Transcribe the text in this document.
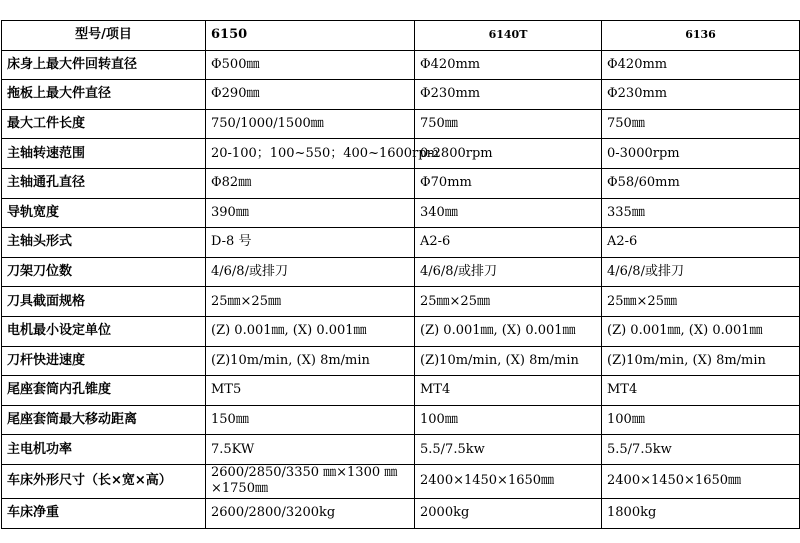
型号/项目	6150	6140T	6136
床身上最大件回转直径	Φ500㎜	Φ420mm	Φ420mm
拖板上最大件直径	Φ290㎜	Φ230mm	Φ230mm
最大工件长度	750/1000/1500㎜	750㎜	750㎜
主轴转速范围	20-100；100~550；400~1600rpm	0-2800rpm	0-3000rpm
主轴通孔直径	Φ82㎜	Φ70mm	Φ58/60mm
导轨宽度	390㎜	340㎜	335㎜
主轴头形式	D-8 号	A2-6	A2-6
刀架刀位数	4/6/8/或排刀	4/6/8/或排刀	4/6/8/或排刀
刀具截面规格	25㎜×25㎜	25㎜×25㎜	25㎜×25㎜
电机最小设定单位	(Z) 0.001㎜, (X) 0.001㎜	(Z) 0.001㎜, (X) 0.001㎜	(Z) 0.001㎜, (X) 0.001㎜
刀杆快进速度	(Z)10m/min, (X) 8m/min	(Z)10m/min, (X) 8m/min	(Z)10m/min, (X) 8m/min
尾座套筒内孔锥度	MT5	MT4	MT4
尾座套筒最大移动距离	150㎜	100㎜	100㎜
主电机功率	7.5KW	5.5/7.5kw	5.5/7.5kw
车床外形尺寸（长×宽×高）	2600/2850/3350 ㎜×1300 ㎜×1750㎜	2400×1450×1650㎜	2400×1450×1650㎜
车床净重	2600/2800/3200kg	2000kg	1800kg
